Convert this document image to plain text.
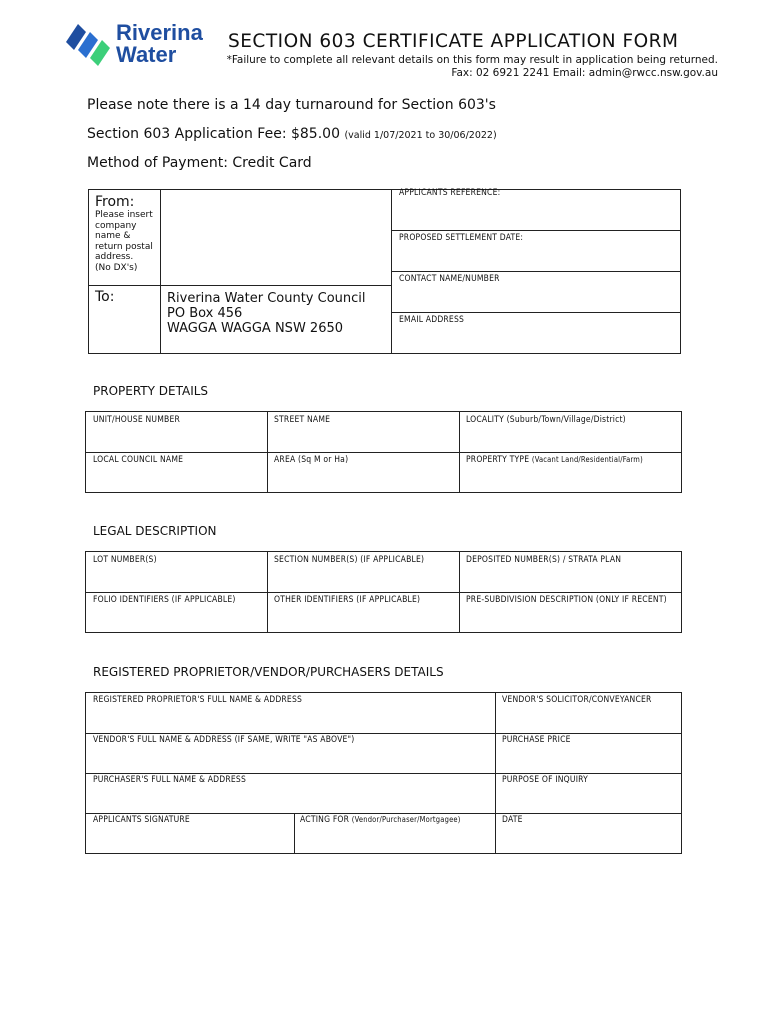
Riverina
Water
SECTION 603 CERTIFICATE APPLICATION FORM
*Failure to complete all relevant details on this form may result in application being returned.
Fax: 02 6921 2241 Email: admin@rwcc.nsw.gov.au
Please note there is a 14 day turnaround for Section 603's
Section 603 Application Fee: $85.00 (valid 1/07/2021 to 30/06/2022)
Method of Payment: Credit Card
From:
Please insert
company
name &
return postal
address.
(No DX's)
To:	Riverina Water County Council
PO Box 456
WAGGA WAGGA NSW 2650
APPLICANTS REFERENCE:
PROPOSED SETTLEMENT DATE:
CONTACT NAME/NUMBER
EMAIL ADDRESS
PROPERTY DETAILS
UNIT/HOUSE NUMBER	STREET NAME	LOCALITY (Suburb/Town/Village/District)
LOCAL COUNCIL NAME	AREA (Sq M or Ha)	PROPERTY TYPE (Vacant Land/Residential/Farm)
LEGAL DESCRIPTION
LOT NUMBER(S)	SECTION NUMBER(S) (IF APPLICABLE)	DEPOSITED NUMBER(S) / STRATA PLAN
FOLIO IDENTIFIERS (IF APPLICABLE)	OTHER IDENTIFIERS (IF APPLICABLE)	PRE-SUBDIVISION DESCRIPTION (ONLY IF RECENT)
REGISTERED PROPRIETOR/VENDOR/PURCHASERS DETAILS
REGISTERED PROPRIETOR'S FULL NAME & ADDRESS	VENDOR'S SOLICITOR/CONVEYANCER
VENDOR'S FULL NAME & ADDRESS (IF SAME, WRITE "AS ABOVE")	PURCHASE PRICE
PURCHASER'S FULL NAME & ADDRESS	PURPOSE OF INQUIRY
APPLICANTS SIGNATURE	ACTING FOR (Vendor/Purchaser/Mortgagee)	DATE
